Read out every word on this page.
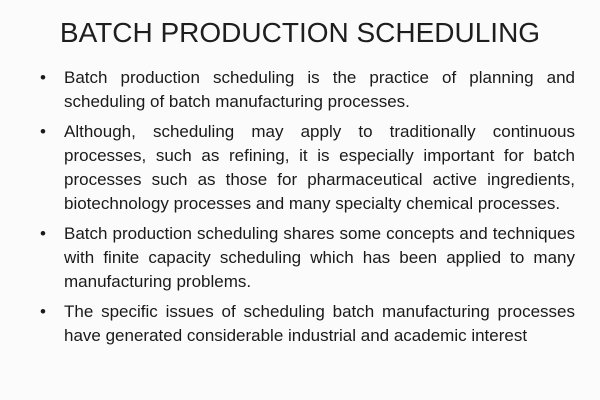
BATCH PRODUCTION SCHEDULING
• Batch production scheduling is the practice of planning and scheduling of batch manufacturing processes.
• Although, scheduling may apply to traditionally continuous processes, such as refining, it is especially important for batch processes such as those for pharmaceutical active ingredients, biotechnology processes and many specialty chemical processes.
• Batch production scheduling shares some concepts and techniques with finite capacity scheduling which has been applied to many manufacturing problems.
• The specific issues of scheduling batch manufacturing processes have generated considerable industrial and academic interest
